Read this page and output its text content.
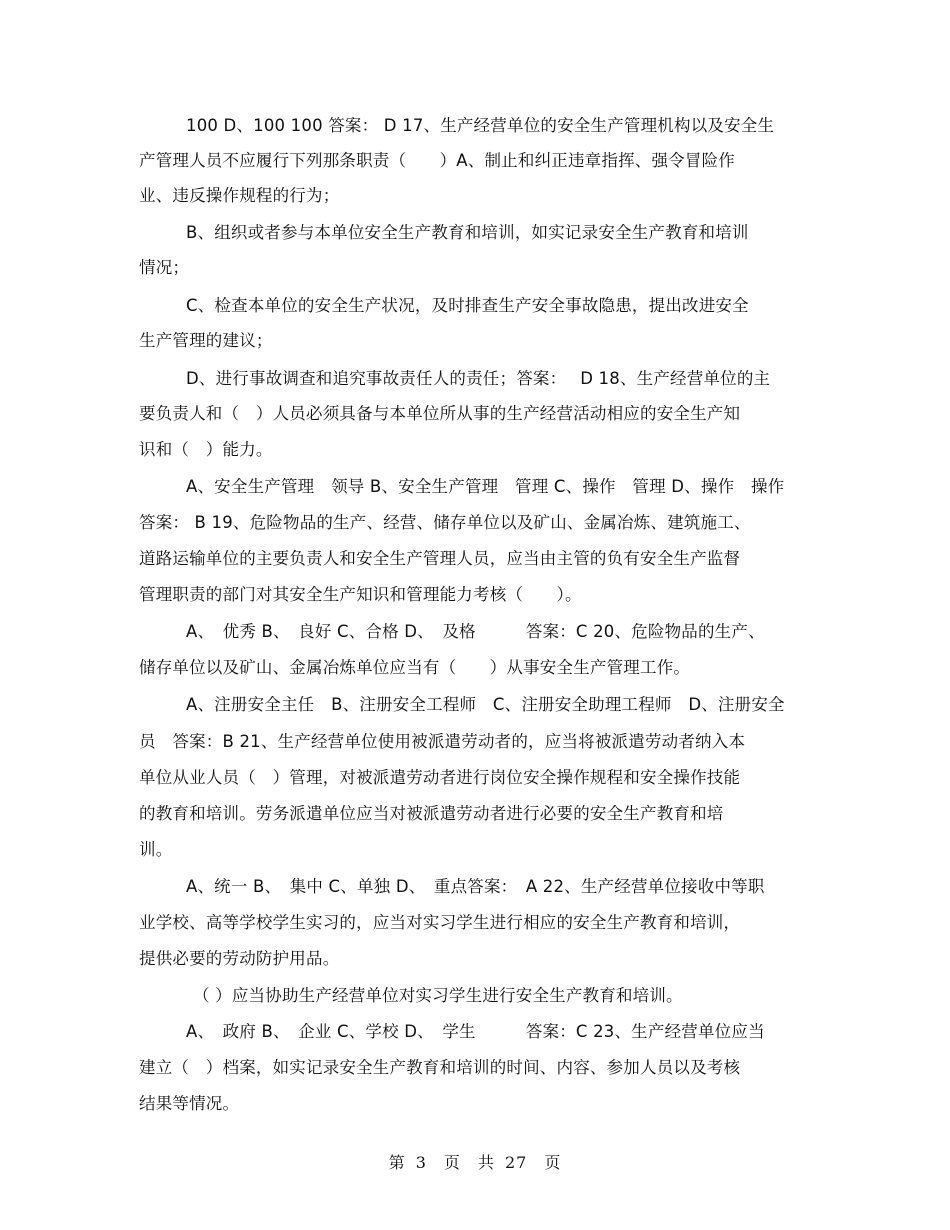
100 D、100 100 答案： D 17、生产经营单位的安全生产管理机构以及安全生
产管理人员不应履行下列那条职责（　　）A、制止和纠正违章指挥、强令冒险作
业、违反操作规程的行为；
B、组织或者参与本单位安全生产教育和培训，如实记录安全生产教育和培训
情况；
C、检查本单位的安全生产状况，及时排查生产安全事故隐患，提出改进安全
生产管理的建议；
D、进行事故调查和追究事故责任人的责任；答案：　 D 18、生产经营单位的主
要负责人和（　）人员必须具备与本单位所从事的生产经营活动相应的安全生产知
识和（　）能力。
A、安全生产管理　领导 B、安全生产管理　管理 C、操作　管理 D、操作　操作
答案： B 19、危险物品的生产、经营、储存单位以及矿山、金属冶炼、建筑施工、
道路运输单位的主要负责人和安全生产管理人员，应当由主管的负有安全生产监督
管理职责的部门对其安全生产知识和管理能力考核（　　）。
A、　优秀 B、　良好 C、合格 D、　及格　　　答案：C 20、危险物品的生产、
储存单位以及矿山、金属冶炼单位应当有（　　）从事安全生产管理工作。
A、注册安全主任　B、注册安全工程师　C、注册安全助理工程师　D、注册安全
员　答案：B 21、生产经营单位使用被派遣劳动者的，应当将被派遣劳动者纳入本
单位从业人员（　）管理，对被派遣劳动者进行岗位安全操作规程和安全操作技能
的教育和培训。劳务派遣单位应当对被派遣劳动者进行必要的安全生产教育和培
训。
A、统一 B、　集中 C、单独 D、　重点答案：　A 22、生产经营单位接收中等职
业学校、高等学校学生实习的，应当对实习学生进行相应的安全生产教育和培训，
提供必要的劳动防护用品。
（ ）应当协助生产经营单位对实习学生进行安全生产教育和培训。
A、　政府 B、　企业 C、学校 D、　学生　　　答案：C 23、生产经营单位应当
建立（　）档案，如实记录安全生产教育和培训的时间、内容、参加人员以及考核
结果等情况。
第 3　页　共 27　页
